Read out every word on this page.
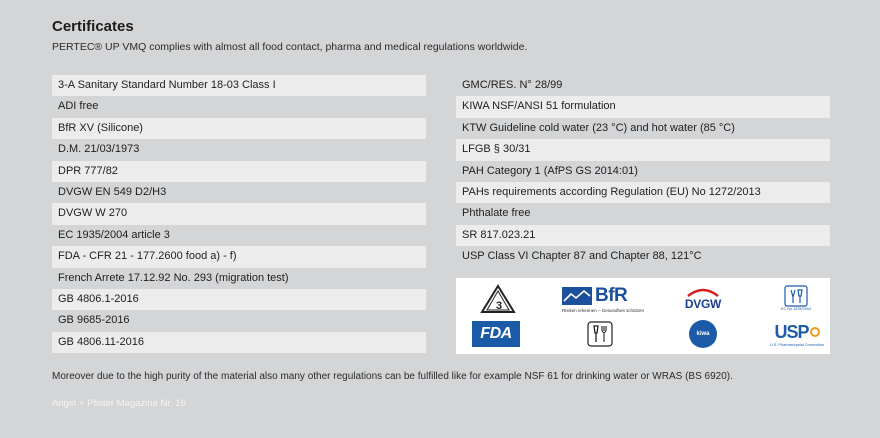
Certificates
PERTEC® UP VMQ complies with almost all food contact, pharma and medical regulations worldwide.
3-A Sanitary Standard Number 18-03 Class I
ADI free
BfR XV (Silicone)
D.M. 21/03/1973
DPR 777/82
DVGW EN 549 D2/H3
DVGW W 270
EC 1935/2004 article 3
FDA - CFR 21 - 177.2600 food a) - f)
French Arrete 17.12.92 No. 293 (migration test)
GB 4806.1-2016
GB 9685-2016
GB 4806.11-2016
GMC/RES. N° 28/99
KIWA NSF/ANSI 51 formulation
KTW Guideline cold water (23 °C) and hot water (85 °C)
LFGB § 30/31
PAH Category 1 (AfPS GS 2014:01)
PAHs requirements according Regulation (EU) No 1272/2013
Phthalate free
SR 817.023.21
USP Class VI Chapter 87 and Chapter 88, 121°C
3	BfR
Risiken erkennen – Gesundheit schützen	DVGW	EC No 1935/2004
FDA	kiwa	USP
U.S. Pharmacopeial Convention
Moreover due to the high purity of the material also many other regulations can be fulfilled like for example NSF 61 for drinking water or WRAS (BS 6920).
Angst + Pfister Magazine Nr. 16
